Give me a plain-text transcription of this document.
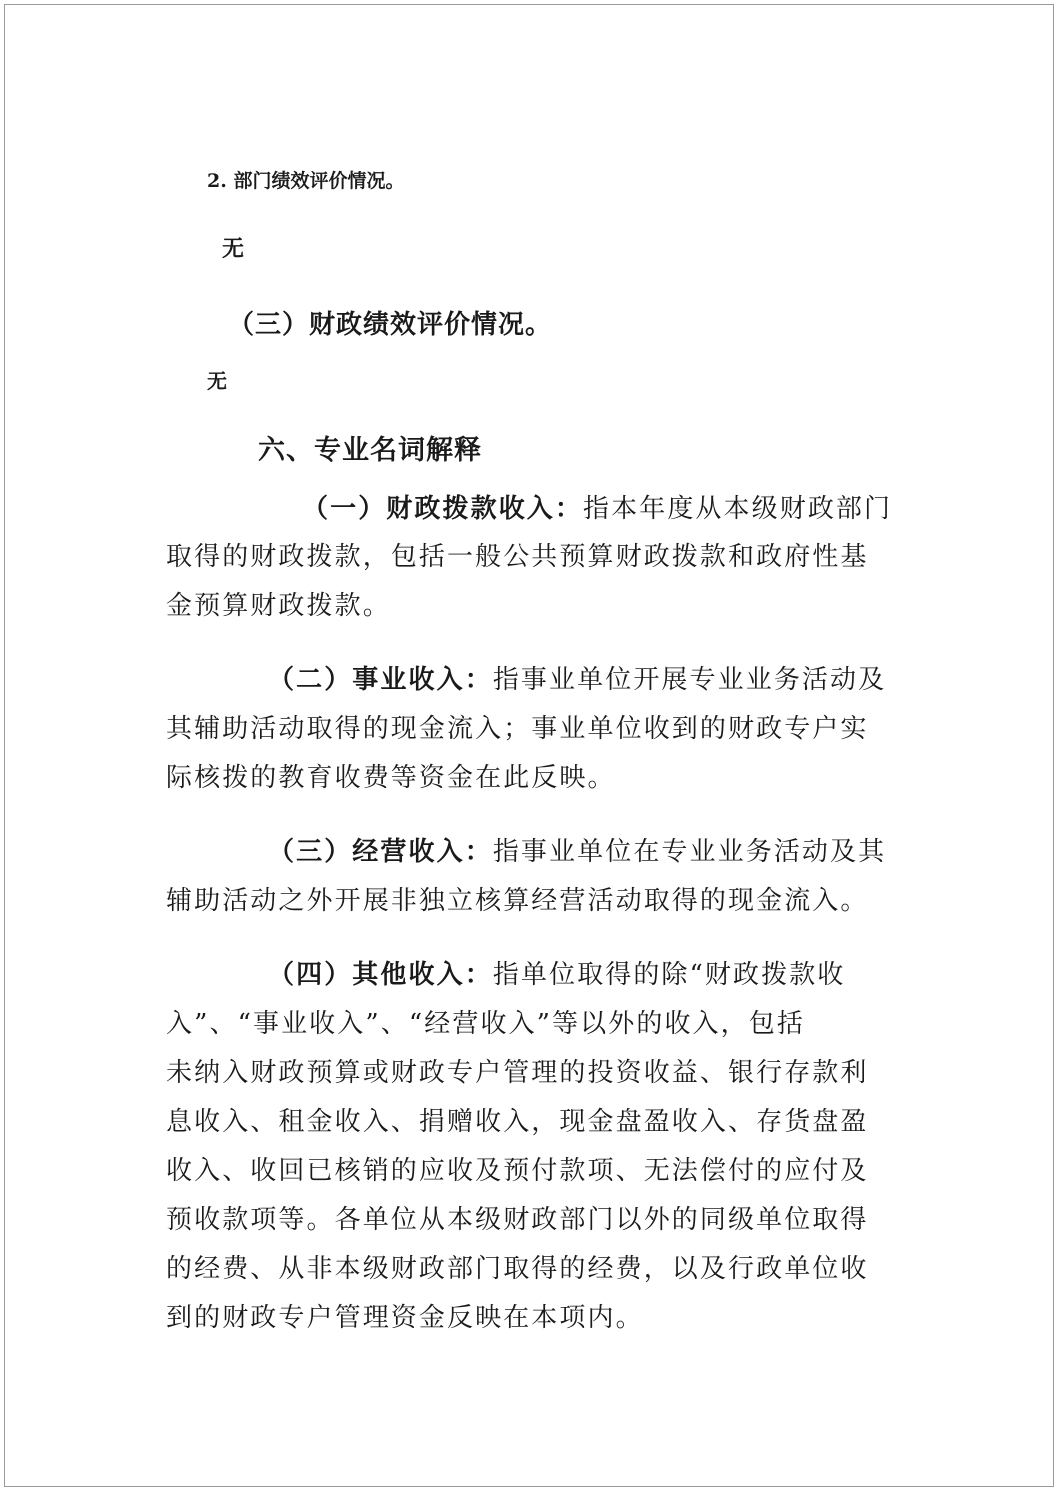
2. 部门绩效评价情况。
无
（三）财政绩效评价情况。
无
六、专业名词解释
（一）财政拨款收入：指本年度从本级财政部门
取得的财政拨款，包括一般公共预算财政拨款和政府性基
金预算财政拨款。
（二）事业收入：指事业单位开展专业业务活动及
其辅助活动取得的现金流入；事业单位收到的财政专户实
际核拨的教育收费等资金在此反映。
（三）经营收入：指事业单位在专业业务活动及其
辅助活动之外开展非独立核算经营活动取得的现金流入。
（四）其他收入：指单位取得的除“财政拨款收
入”、“事业收入”、“经营收入”等以外的收入，包括
未纳入财政预算或财政专户管理的投资收益、银行存款利
息收入、租金收入、捐赠收入，现金盘盈收入、存货盘盈
收入、收回已核销的应收及预付款项、无法偿付的应付及
预收款项等。各单位从本级财政部门以外的同级单位取得
的经费、从非本级财政部门取得的经费，以及行政单位收
到的财政专户管理资金反映在本项内。
